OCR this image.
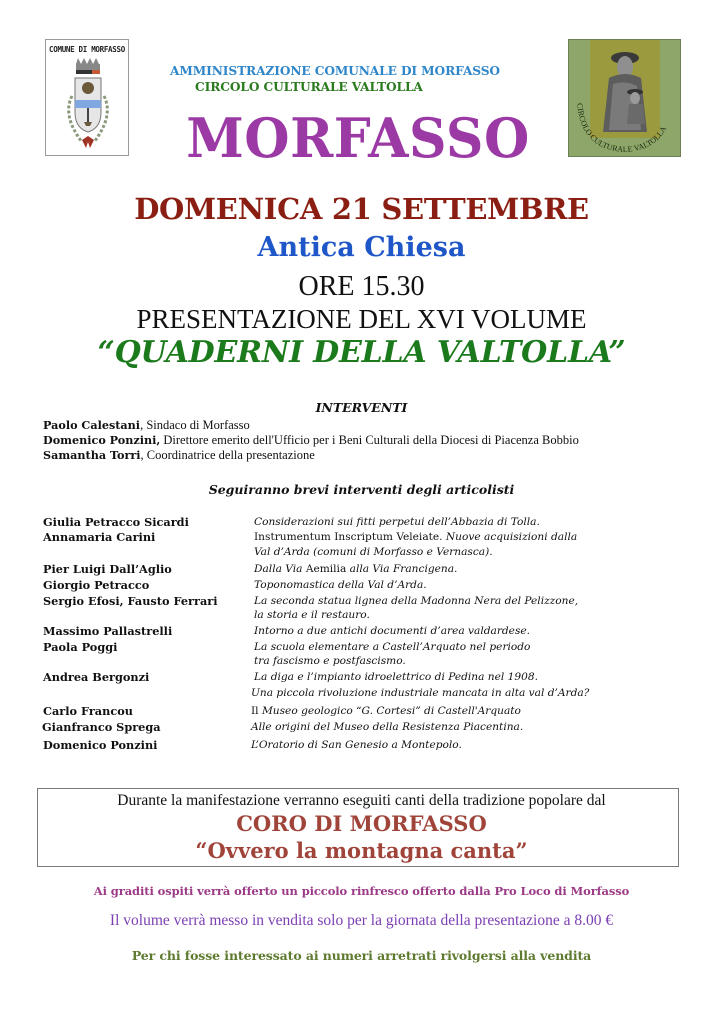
COMUNE DI MORFASSO
CIRCOLO CULTURALE VALTOLLA
AMMINISTRAZIONE COMUNALE DI MORFASSO
CIRCOLO CULTURALE VALTOLLA
MORFASSO
DOMENICA 21 SETTEMBRE
Antica Chiesa
ORE 15.30
PRESENTAZIONE DEL XVI VOLUME
“QUADERNI DELLA VALTOLLA”
INTERVENTI
Paolo Calestani, Sindaco di Morfasso
Domenico Ponzini, Direttore emerito dell'Ufficio per i Beni Culturali della Diocesi di Piacenza Bobbio
Samantha Torri, Coordinatrice della presentazione
Seguiranno brevi interventi degli articolisti
Giulia Petracco Sicardi	Considerazioni sui fitti perpetui dell’Abbazia di Tolla.
Annamaria Carini	Instrumentum Inscriptum Veleiate. Nuove acquisizioni dalla
Val d’Arda (comuni di Morfasso e Vernasca).
Pier Luigi Dall’Aglio	Dalla Via Aemilia alla Via Francigena.
Giorgio Petracco	Toponomastica della Val d’Arda.
Sergio Efosi, Fausto Ferrari	La seconda statua lignea della Madonna Nera del Pelizzone,
la storia e il restauro.
Massimo Pallastrelli	Intorno a due antichi documenti d’area valdardese.
Paola Poggi	La scuola elementare a Castell’Arquato nel periodo
tra fascismo e postfascismo.
Andrea Bergonzi	La diga e l’impianto idroelettrico di Pedina nel 1908.
Una piccola rivoluzione industriale mancata in alta val d’Arda?
Carlo Francou	Il Museo geologico “G. Cortesi” di Castell'Arquato
Gianfranco Sprega	Alle origini del Museo della Resistenza Piacentina.
Domenico Ponzini	L’Oratorio di San Genesio a Montepolo.
Durante la manifestazione verranno eseguiti canti della tradizione popolare dal
CORO DI MORFASSO
“Ovvero la montagna canta”
Ai graditi ospiti verrà offerto un piccolo rinfresco offerto dalla Pro Loco di Morfasso
Il volume verrà messo in vendita solo per la giornata della presentazione a 8.00 €
Per chi fosse interessato ai numeri arretrati rivolgersi alla vendita
